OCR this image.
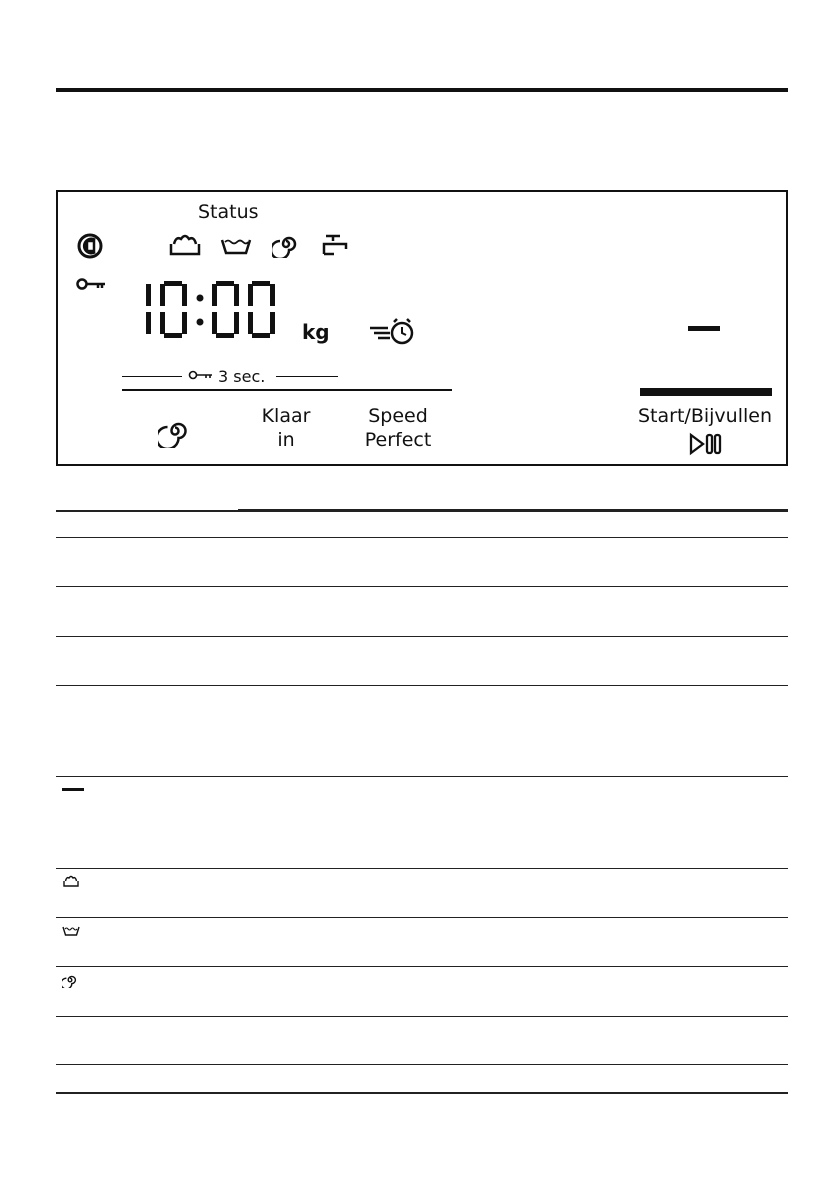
Status
kg
3 sec.
Klaar
in
Speed
Perfect
Start/Bijvullen
